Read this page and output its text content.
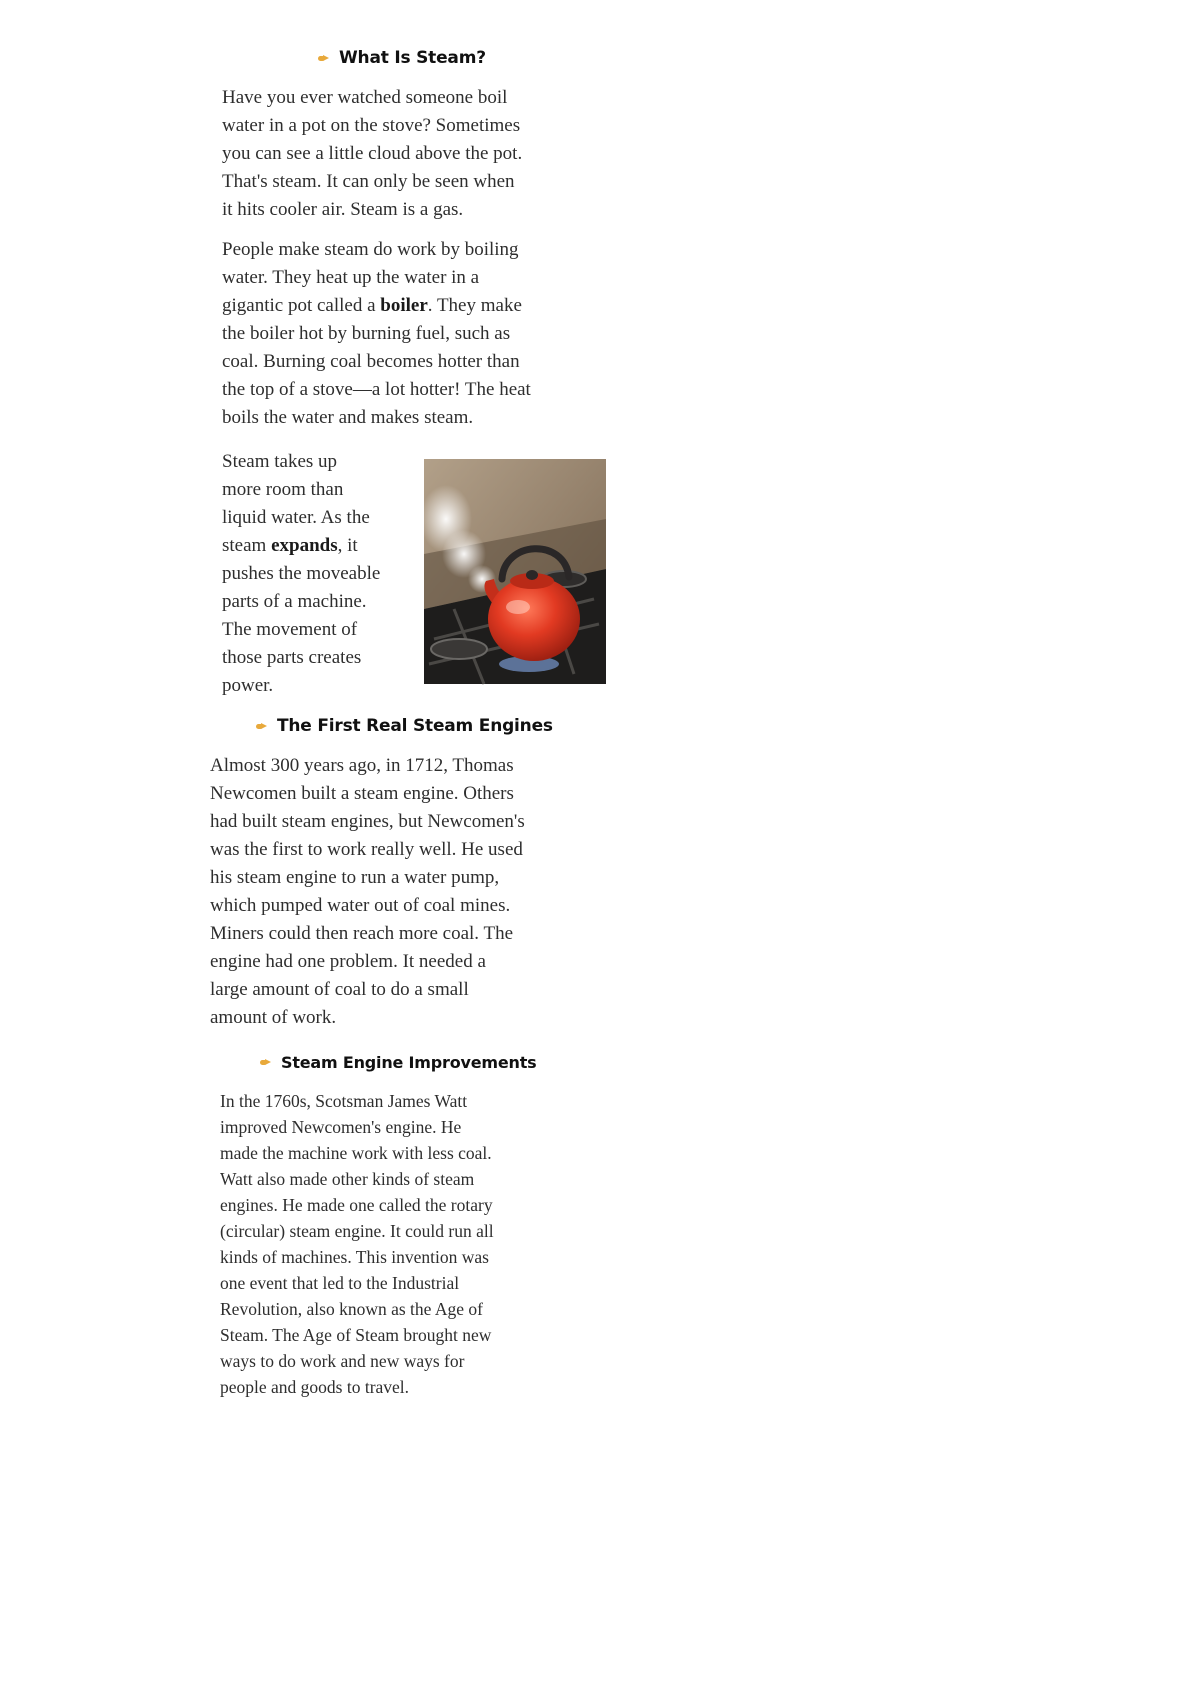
What Is Steam?

Have you ever watched someone boil
water in a pot on the stove? Sometimes
you can see a little cloud above the pot.
That's steam. It can only be seen when
it hits cooler air. Steam is a gas.

People make steam do work by boiling
water. They heat up the water in a
gigantic pot called a boiler. They make
the boiler hot by burning fuel, such as
coal. Burning coal becomes hotter than
the top of a stove—a lot hotter! The heat
boils the water and makes steam.

Steam takes up
more room than
liquid water. As the
steam expands, it
pushes the moveable
parts of a machine.
The movement of
those parts creates
power.

The First Real Steam Engines

Almost 300 years ago, in 1712, Thomas
Newcomen built a steam engine. Others
had built steam engines, but Newcomen's
was the first to work really well. He used
his steam engine to run a water pump,
which pumped water out of coal mines.
Miners could then reach more coal. The
engine had one problem. It needed a
large amount of coal to do a small
amount of work.

Steam Engine Improvements

In the 1760s, Scotsman James Watt
improved Newcomen's engine. He
made the machine work with less coal.
Watt also made other kinds of steam
engines. He made one called the rotary
(circular) steam engine. It could run all
kinds of machines. This invention was
one event that led to the Industrial
Revolution, also known as the Age of
Steam. The Age of Steam brought new
ways to do work and new ways for
people and goods to travel.
